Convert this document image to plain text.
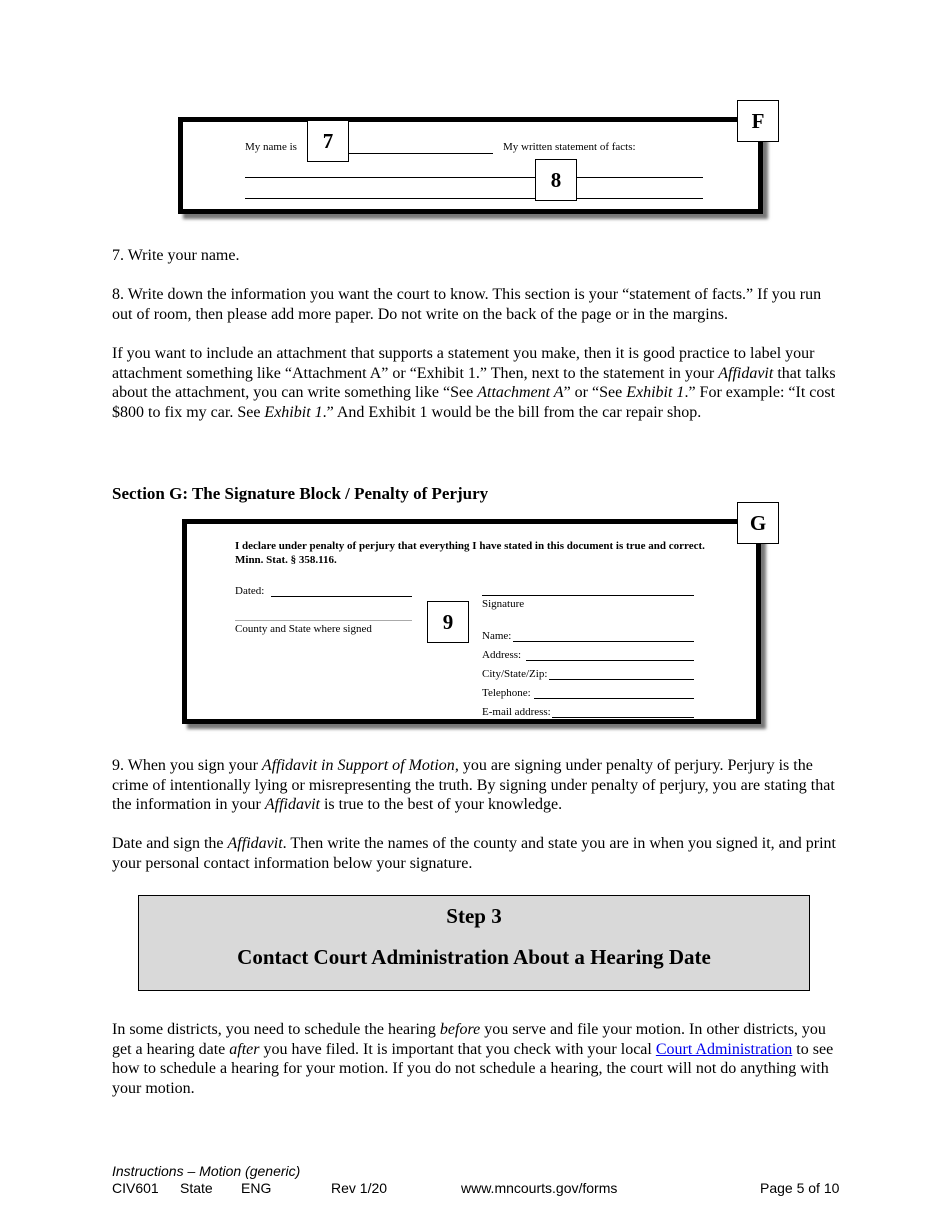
My name is	My written statement of facts:
7
8
F

7. Write your name.

8. Write down the information you want the court to know. This section is your “statement of facts.” If you run out of room, then please add more paper. Do not write on the back of the page or in the margins.

If you want to include an attachment that supports a statement you make, then it is good practice to label your attachment something like “Attachment A” or “Exhibit 1.” Then, next to the statement in your Affidavit that talks about the attachment, you can write something like “See Attachment A” or “See Exhibit 1.” For example: “It cost $800 to fix my car. See Exhibit 1.” And Exhibit 1 would be the bill from the car repair shop.

Section G: The Signature Block / Penalty of Perjury
I declare under penalty of perjury that everything I have stated in this document is true and correct. Minn. Stat. § 358.116.
Dated:
County and State where signed
Signature
Name:
Address:
City/State/Zip:
Telephone:
E-mail address:
9
G

9. When you sign your Affidavit in Support of Motion, you are signing under penalty of perjury. Perjury is the crime of intentionally lying or misrepresenting the truth. By signing under penalty of perjury, you are stating that the information in your Affidavit is true to the best of your knowledge.

Date and sign the Affidavit. Then write the names of the county and state you are in when you signed it, and print your personal contact information below your signature.

Step 3
Contact Court Administration About a Hearing Date

In some districts, you need to schedule the hearing before you serve and file your motion. In other districts, you get a hearing date after you have filed. It is important that you check with your local Court Administration to see how to schedule a hearing for your motion. If you do not schedule a hearing, the court will not do anything with your motion.

Instructions – Motion (generic)
CIV601 State ENG	Rev 1/20	www.mncourts.gov/forms	Page 5 of 10
